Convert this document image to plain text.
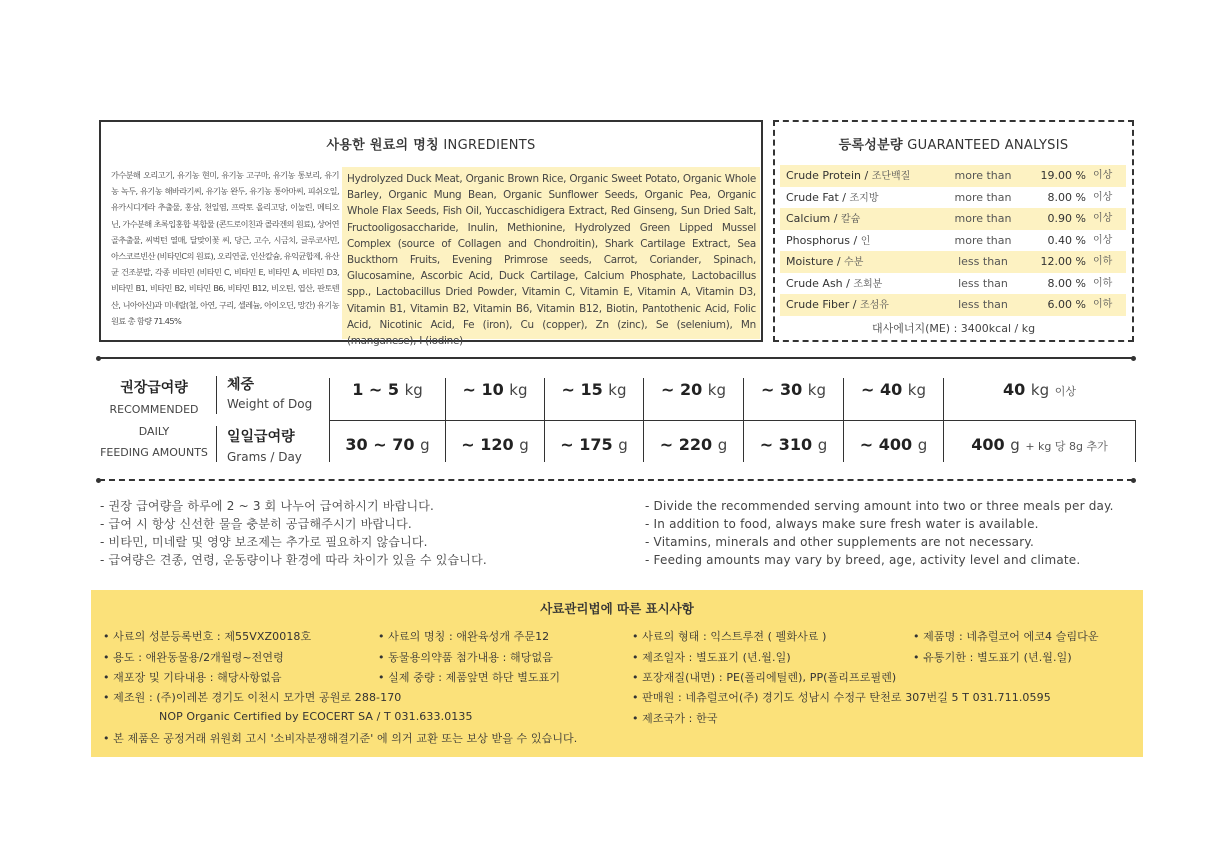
사용한 원료의 명칭 INGREDIENTS
가수분해 오리고기, 유기농 현미, 유기농 고구마, 유기농 통보리, 유기농 녹두, 유기농 해바라기씨, 유기농 완두, 유기농 통아마씨, 피쉬오일, 유카시디게라 추출물, 홍삼, 천일염, 프락토 올리고당, 이눌린, 메티오닌, 가수분해 초록입홍합 복합물 (콘드로이친과 콜라겐의 원료), 상어연골추출물, 씨벅턴 열매, 달맞이꽃 씨, 당근, 고수, 시금치, 글루코사민, 아스코르빈산 (비타민C의 원료), 오리연골, 인산칼슘, 유익균합제, 유산균 건조분말, 각종 비타민 (비타민 C, 비타민 E, 비타민 A, 비타민 D3, 비타민 B1, 비타민 B2, 비타민 B6, 비타민 B12, 비오틴, 엽산, 판토텐산, 니아아신)과 미네랄(철, 아연, 구리, 셀레늄, 아이오딘, 망간) 유기농 원료 총 함량 71.45%
Hydrolyzed Duck Meat, Organic Brown Rice, Organic Sweet Potato, Organic Whole Barley, Organic Mung Bean, Organic Sunflower Seeds, Organic Pea, Organic Whole Flax Seeds, Fish Oil, Yuccaschidigera Extract, Red Ginseng, Sun Dried Salt, Fructooligosaccharide, Inulin, Methionine, Hydrolyzed Green Lipped Mussel Complex (source of Collagen and Chondroitin), Shark Cartilage Extract, Sea Buckthorn Fruits, Evening Primrose seeds, Carrot, Coriander, Spinach, Glucosamine, Ascorbic Acid, Duck Cartilage, Calcium Phosphate, Lactobacillus spp., Lactobacillus Dried Powder, Vitamin C, Vitamin E, Vitamin A, Vitamin D3, Vitamin B1, Vitamin B2, Vitamin B6, Vitamin B12, Biotin, Pantothenic Acid, Folic Acid, Nicotinic Acid, Fe (iron), Cu (copper), Zn (zinc), Se (selenium), Mn (manganese), I (iodine)
등록성분량 GUARANTEED ANALYSIS
Crude Protein / 조단백질	more than	19.00 % 이상
Crude Fat / 조지방	more than	8.00 % 이상
Calcium / 칼슘	more than	0.90 % 이상
Phosphorus / 인	more than	0.40 % 이상
Moisture / 수분	less than	12.00 % 이하
Crude Ash / 조회분	less than	8.00 % 이하
Crude Fiber / 조섬유	less than	6.00 % 이하
대사에너지(ME) : 3400kcal / kg
권장급여량
RECOMMENDED
DAILY
FEEDING AMOUNTS
체중
Weight of Dog
일일급여량
Grams / Day
1 ~ 5 kg	~ 10 kg	~ 15 kg	~ 20 kg	~ 30 kg	~ 40 kg	40 kg 이상
30 ~ 70 g	~ 120 g	~ 175 g	~ 220 g	~ 310 g	~ 400 g	400 g + kg 당 8g 추가
- 권장 급여량을 하루에 2 ~ 3 회 나누어 급여하시기 바랍니다.
- 급여 시 항상 신선한 물을 충분히 공급해주시기 바랍니다.
- 비타민, 미네랄 및 영양 보조제는 추가로 필요하지 않습니다.
- 급여량은 견종, 연령, 운동량이나 환경에 따라 차이가 있을 수 있습니다.
- Divide the recommended serving amount into two or three meals per day.
- In addition to food, always make sure fresh water is available.
- Vitamins, minerals and other supplements are not necessary.
- Feeding amounts may vary by breed, age, activity level and climate.
사료관리법에 따른 표시사항
• 사료의 성분등록번호 : 제55VXZ0018호	• 사료의 명칭 : 애완육성개 주문12	• 사료의 형태 : 익스트루젼 ( 펠화사료 )	• 제품명 : 네츄럴코어 에코4 슬림다운
• 용도 : 애완동물용/2개월령~전연령	• 동물용의약품 첨가내용 : 해당없음	• 제조일자 : 별도표기 (년.월.일)	• 유통기한 : 별도표기 (년.월.일)
• 재포장 및 기타내용 : 해당사항없음	• 실제 중량 : 제품앞면 하단 별도표기	• 포장재질(내면) : PE(폴리에틸렌), PP(폴리프로필렌)
• 제조원 : (주)이레본 경기도 이천시 모가면 공원로 288-170	• 판매원 : 네츄럴코어(주) 경기도 성남시 수정구 탄천로 307번길 5 T 031.711.0595
NOP Organic Certified by ECOCERT SA / T 031.633.0135	• 제조국가 : 한국
• 본 제품은 공정거래 위원회 고시 '소비자분쟁해결기준' 에 의거 교환 또는 보상 받을 수 있습니다.
